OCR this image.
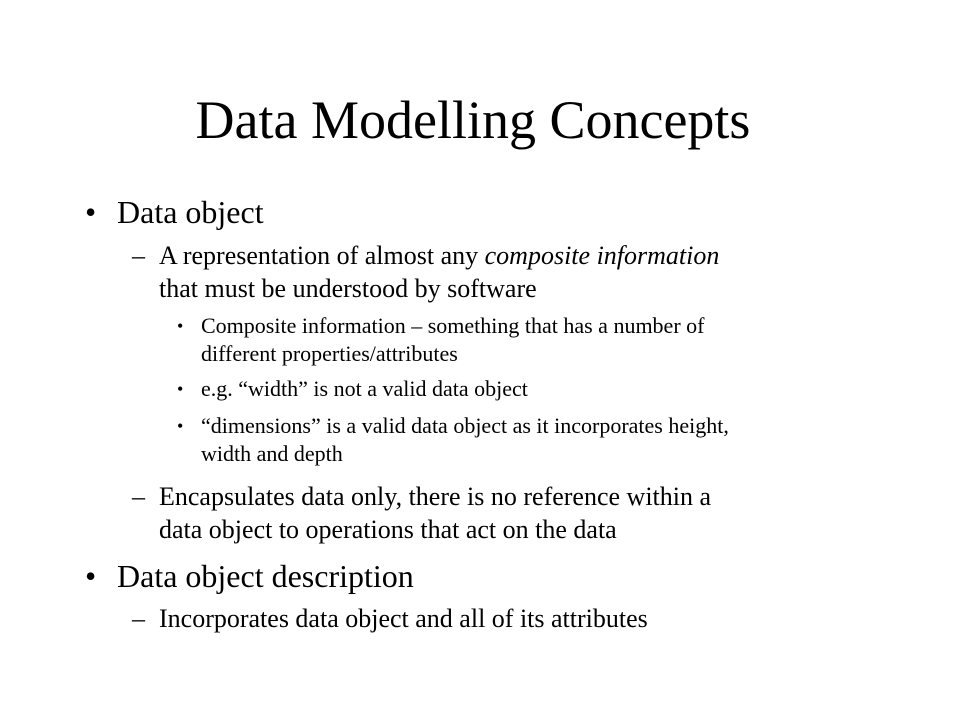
Data Modelling Concepts
• Data object
– A representation of almost any composite information
that must be understood by software
• Composite information – something that has a number of
different properties/attributes
• e.g. “width” is not a valid data object
• “dimensions” is a valid data object as it incorporates height,
width and depth
– Encapsulates data only, there is no reference within a
data object to operations that act on the data
• Data object description
– Incorporates data object and all of its attributes
